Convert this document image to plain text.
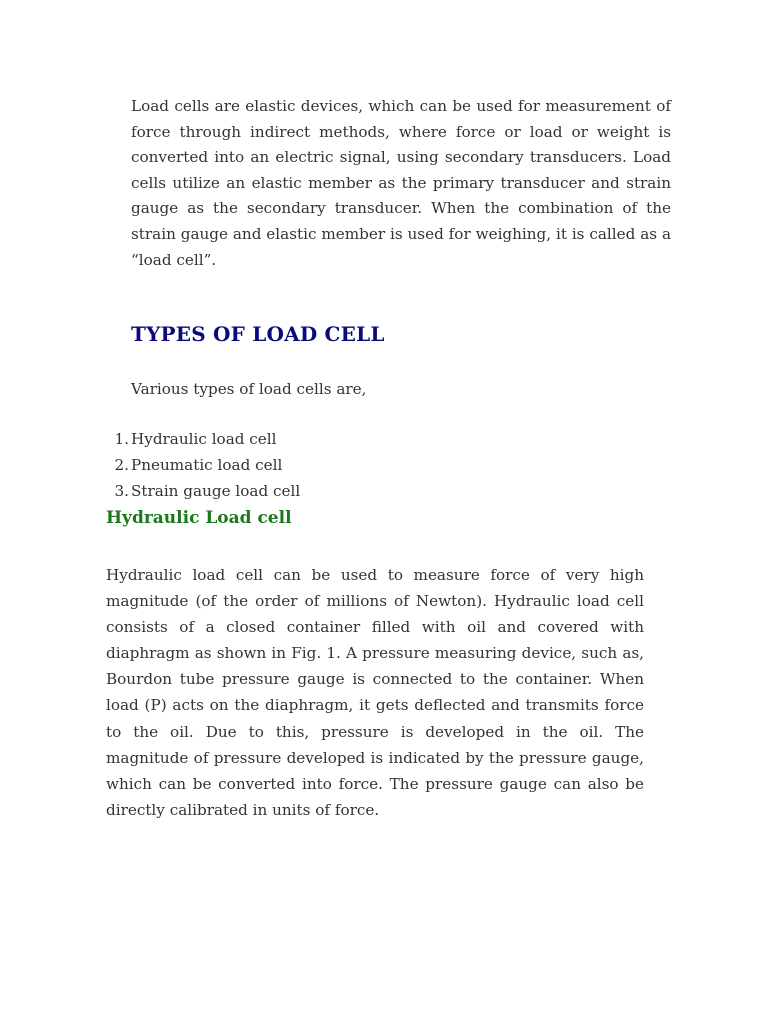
Load cells are elastic devices, which can be used for measurement of force through indirect methods, where force or load or weight is converted into an electric signal, using secondary transducers. Load cells utilize an elastic member as the primary transducer and strain gauge as the secondary transducer. When the combination of the strain gauge and elastic member is used for weighing, it is called as a “load cell”.

TYPES OF LOAD CELL

Various types of load cells are,

1. Hydraulic load cell
2. Pneumatic load cell
3. Strain gauge load cell
Hydraulic Load cell

Hydraulic load cell can be used to measure force of very high magnitude (of the order of millions of Newton). Hydraulic load cell consists of a closed container filled with oil and covered with diaphragm as shown in Fig. 1. A pressure measuring device, such as, Bourdon tube pressure gauge is connected to the container. When load (P) acts on the diaphragm, it gets deflected and transmits force to the oil. Due to this, pressure is developed in the oil. The magnitude of pressure developed is indicated by the pressure gauge, which can be converted into force. The pressure gauge can also be directly calibrated in units of force.
